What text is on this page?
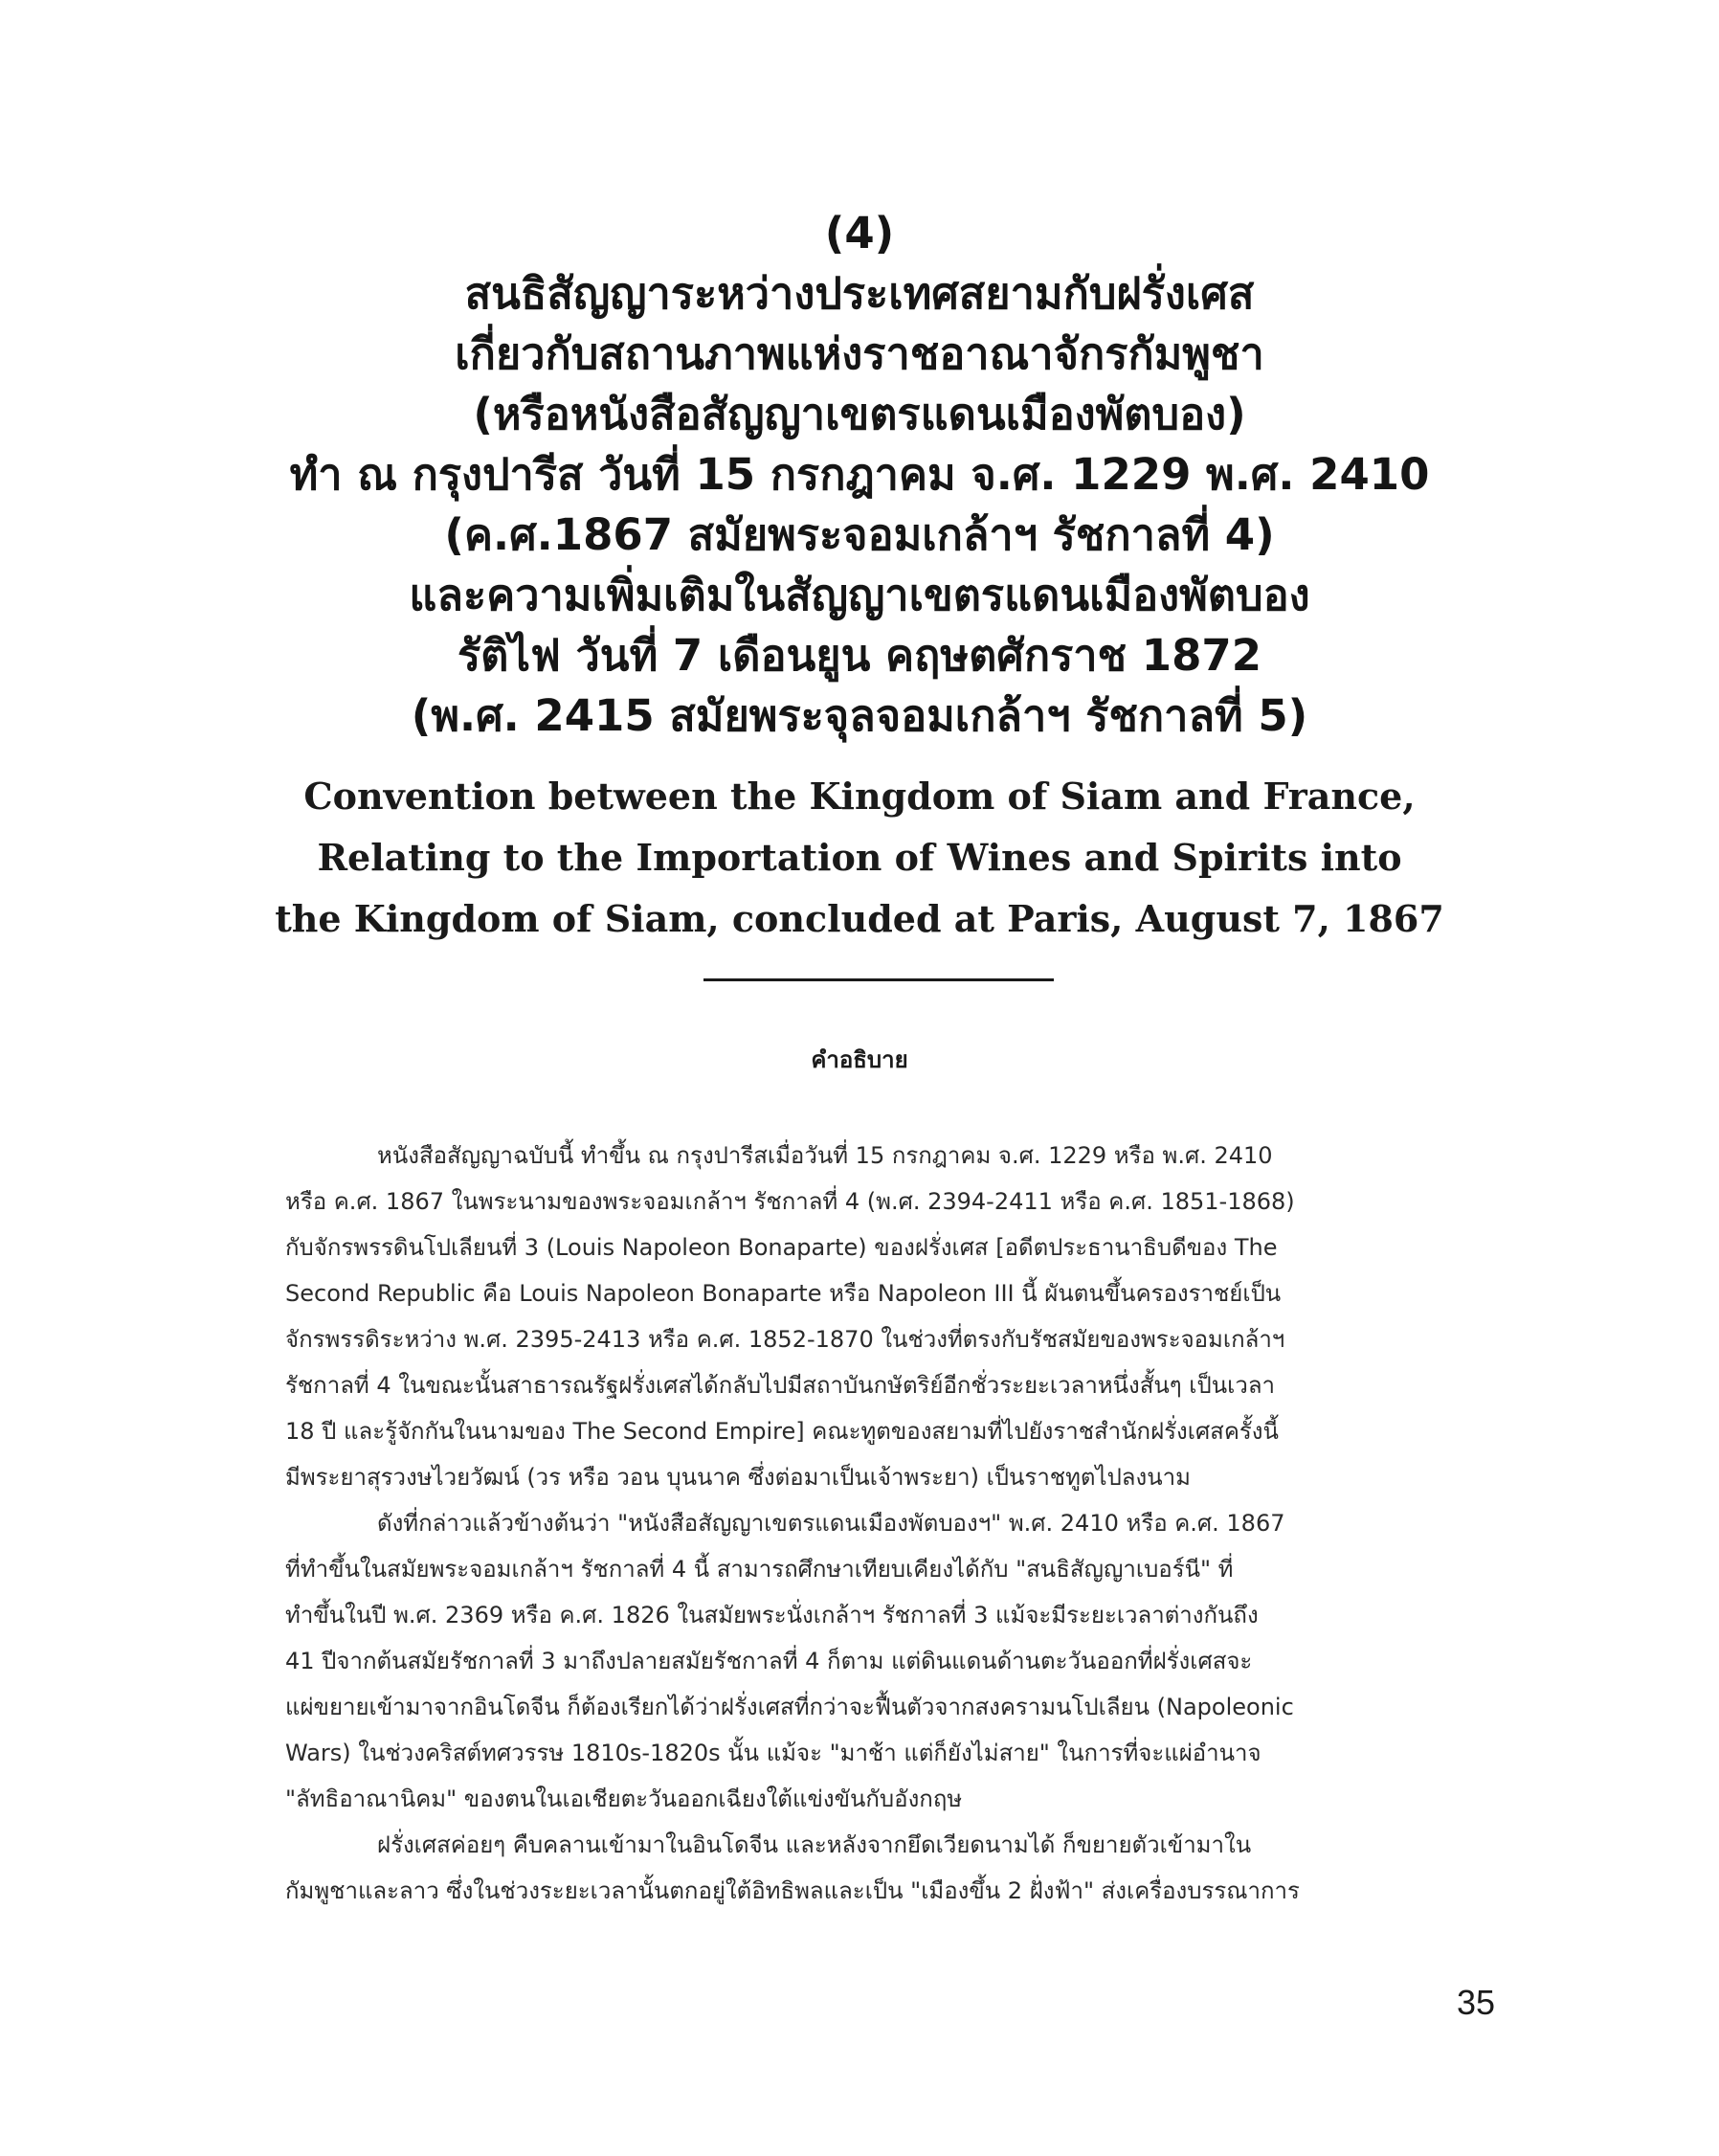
(4)
สนธิสัญญาระหว่างประเทศสยามกับฝรั่งเศส
เกี่ยวกับสถานภาพแห่งราชอาณาจักรกัมพูชา
(หรือหนังสือสัญญาเขตรแดนเมืองพัตบอง)
ทำ ณ กรุงปารีส วันที่ 15 กรกฎาคม จ.ศ. 1229 พ.ศ. 2410
(ค.ศ.1867 สมัยพระจอมเกล้าฯ รัชกาลที่ 4)
และความเพิ่มเติมในสัญญาเขตรแดนเมืองพัตบอง
รัติไฟ วันที่ 7 เดือนยูน คฤษตศักราช 1872
(พ.ศ. 2415 สมัยพระจุลจอมเกล้าฯ รัชกาลที่ 5)
Convention between the Kingdom of Siam and France,
Relating to the Importation of Wines and Spirits into
the Kingdom of Siam, concluded at Paris, August 7, 1867
คำอธิบาย
หนังสือสัญญาฉบับนี้ ทำขึ้น ณ กรุงปารีสเมื่อวันที่ 15 กรกฎาคม จ.ศ. 1229 หรือ พ.ศ. 2410
หรือ ค.ศ. 1867 ในพระนามของพระจอมเกล้าฯ รัชกาลที่ 4 (พ.ศ. 2394-2411 หรือ ค.ศ. 1851-1868)
กับจักรพรรดินโปเลียนที่ 3 (Louis Napoleon Bonaparte) ของฝรั่งเศส [อดีตประธานาธิบดีของ The
Second Republic คือ Louis Napoleon Bonaparte หรือ Napoleon III นี้ ผันตนขึ้นครองราชย์เป็น
จักรพรรดิระหว่าง พ.ศ. 2395-2413 หรือ ค.ศ. 1852-1870 ในช่วงที่ตรงกับรัชสมัยของพระจอมเกล้าฯ
รัชกาลที่ 4 ในขณะนั้นสาธารณรัฐฝรั่งเศสได้กลับไปมีสถาบันกษัตริย์อีกชั่วระยะเวลาหนึ่งสั้นๆ เป็นเวลา
18 ปี และรู้จักกันในนามของ The Second Empire] คณะทูตของสยามที่ไปยังราชสำนักฝรั่งเศสครั้งนี้
มีพระยาสุรวงษไวยวัฒน์ (วร หรือ วอน บุนนาค ซึ่งต่อมาเป็นเจ้าพระยา) เป็นราชทูตไปลงนาม
ดังที่กล่าวแล้วข้างต้นว่า "หนังสือสัญญาเขตรแดนเมืองพัตบองฯ" พ.ศ. 2410 หรือ ค.ศ. 1867
ที่ทำขึ้นในสมัยพระจอมเกล้าฯ รัชกาลที่ 4 นี้ สามารถศึกษาเทียบเคียงได้กับ "สนธิสัญญาเบอร์นี" ที่
ทำขึ้นในปี พ.ศ. 2369 หรือ ค.ศ. 1826 ในสมัยพระนั่งเกล้าฯ รัชกาลที่ 3 แม้จะมีระยะเวลาต่างกันถึง
41 ปีจากต้นสมัยรัชกาลที่ 3 มาถึงปลายสมัยรัชกาลที่ 4 ก็ตาม แต่ดินแดนด้านตะวันออกที่ฝรั่งเศสจะ
แผ่ขยายเข้ามาจากอินโดจีน ก็ต้องเรียกได้ว่าฝรั่งเศสที่กว่าจะฟื้นตัวจากสงครามนโปเลียน (Napoleonic
Wars) ในช่วงคริสต์ทศวรรษ 1810s-1820s นั้น แม้จะ "มาช้า แต่ก็ยังไม่สาย" ในการที่จะแผ่อำนาจ
"ลัทธิอาณานิคม" ของตนในเอเชียตะวันออกเฉียงใต้แข่งขันกับอังกฤษ
ฝรั่งเศสค่อยๆ คืบคลานเข้ามาในอินโดจีน และหลังจากยึดเวียดนามได้ ก็ขยายตัวเข้ามาใน
กัมพูชาและลาว ซึ่งในช่วงระยะเวลานั้นตกอยู่ใต้อิทธิพลและเป็น "เมืองขึ้น 2 ฝั่งฟ้า" ส่งเครื่องบรรณาการ
35
